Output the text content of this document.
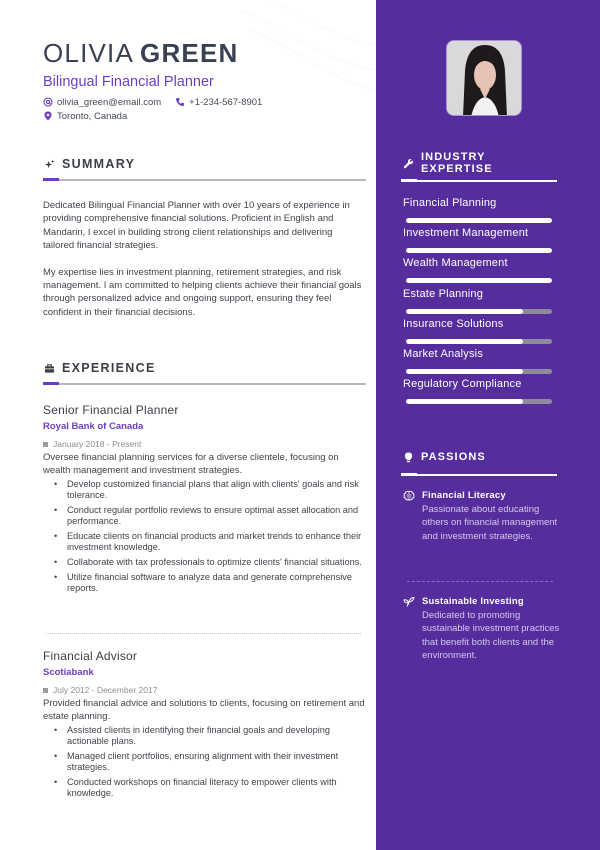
OLIVIA GREEN
Bilingual Financial Planner
olivia_green@email.com	+1-234-567-8901
Toronto, Canada
SUMMARY

Dedicated Bilingual Financial Planner with over 10 years of experience in providing comprehensive financial solutions. Proficient in English and Mandarin, I excel in building strong client relationships and delivering tailored financial strategies.

My expertise lies in investment planning, retirement strategies, and risk management. I am committed to helping clients achieve their financial goals through personalized advice and ongoing support, ensuring they feel confident in their financial decisions.

EXPERIENCE
Senior Financial Planner
Royal Bank of Canada
January 2018 - Present
Oversee financial planning services for a diverse clientele, focusing on wealth management and investment strategies.
• Develop customized financial plans that align with clients' goals and risk tolerance.
• Conduct regular portfolio reviews to ensure optimal asset allocation and performance.
• Educate clients on financial products and market trends to enhance their investment knowledge.
• Collaborate with tax professionals to optimize clients' financial situations.
• Utilize financial software to analyze data and generate comprehensive reports.
Financial Advisor
Scotiabank
July 2012 - December 2017
Provided financial advice and solutions to clients, focusing on retirement and estate planning.
• Assisted clients in identifying their financial goals and developing actionable plans.
• Managed client portfolios, ensuring alignment with their investment strategies.
• Conducted workshops on financial literacy to empower clients with knowledge.
INDUSTRY EXPERTISE
Financial Planning
Investment Management
Wealth Management
Estate Planning
Insurance Solutions
Market Analysis
Regulatory Compliance
PASSIONS
Financial Literacy
Passionate about educating others on financial management and investment strategies.
Sustainable Investing
Dedicated to promoting sustainable investment practices that benefit both clients and the environment.
